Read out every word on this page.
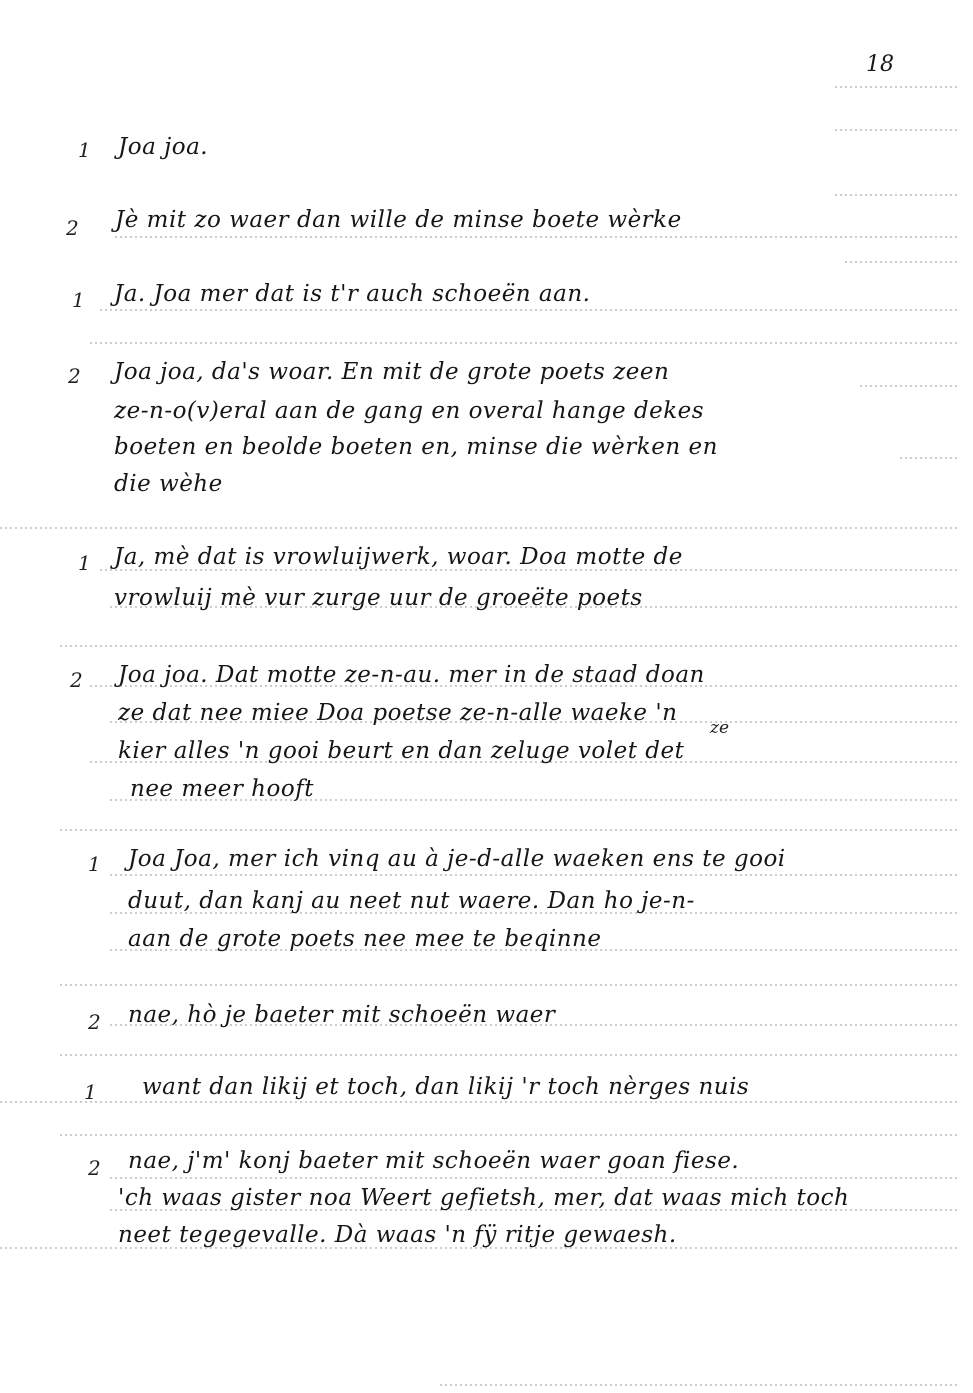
18
1 Joa joa.
2 Jè mit zo waer dan wille de minse boete wèrke
1 Ja. Joa mer dat is t'r auch schoeën aan.
2 Joa joa, da's woar. En mit de grote poets zeen
ze-n-o(v)eral aan de gang en overal hange dekes
boeten en beolde boeten en, minse die wèrken en
die wèhe
1 Ja, mè dat is vrowluijwerk, woar. Doa motte de
vrowluij mè vur zurge uur de groeëte poets
2 Joa joa. Dat motte ze-n-au. mer in de staad doan
ze dat nee miee Doa poetse ze-n-alle waeke 'n
ze
kier alles 'n gooi beurt en dan zeluge volet det
nee meer hooft
1 Joa Joa, mer ich vinq au à je-d-alle waeken ens te gooi
duut, dan kanj au neet nut waere. Dan ho je-n-
aan de grote poets nee mee te beqinne
2 nae, hò je baeter mit schoeën waer
1 want dan likij et toch, dan likij 'r toch nèrges nuis
2 nae, j'm' konj baeter mit schoeën waer goan fiese.
'ch waas gister noa Weert gefietsh, mer, dat waas mich toch
neet tegegevalle. Dà waas 'n fÿ ritje gewaesh.
